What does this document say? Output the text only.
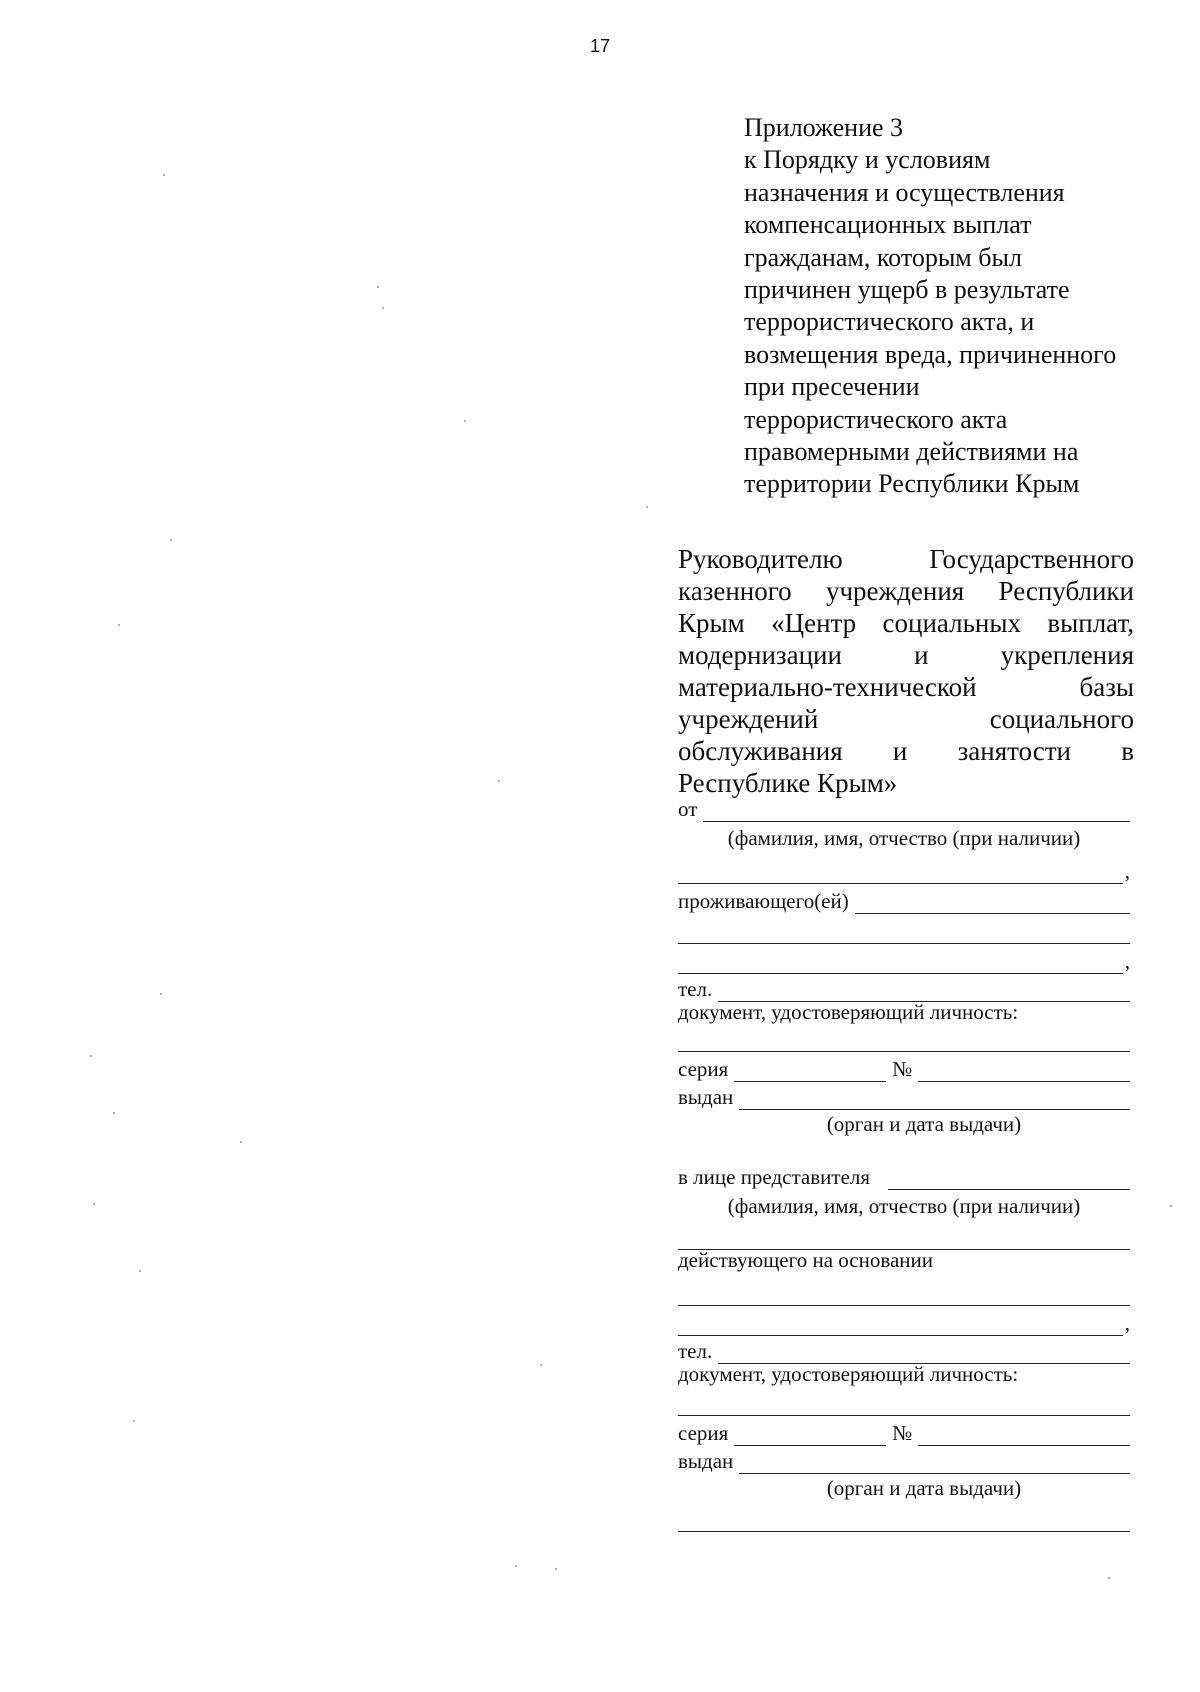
17
Приложение 3
к Порядку и условиям
назначения и осуществления
компенсационных выплат
гражданам, которым был
причинен ущерб в результате
террористического акта, и
возмещения вреда, причиненного
при пресечении
террористического акта
правомерными действиями на
территории Республики Крым
Руководителю	Государственного
казенного учреждения Республики
Крым «Центр социальных выплат,
модернизации	и	укрепления
материально-технической	базы
учреждений	социального
обслуживания и занятости в
Республике Крым»
от
(фамилия, имя, отчество (при наличии)
,
проживающего(ей)
,
тел.
документ, удостоверяющий личность:
серия	№
выдан
(орган и дата выдачи)
в лице представителя
(фамилия, имя, отчество (при наличии)
действующего на основании
,
тел.
документ, удостоверяющий личность:
серия	№
выдан
(орган и дата выдачи)
